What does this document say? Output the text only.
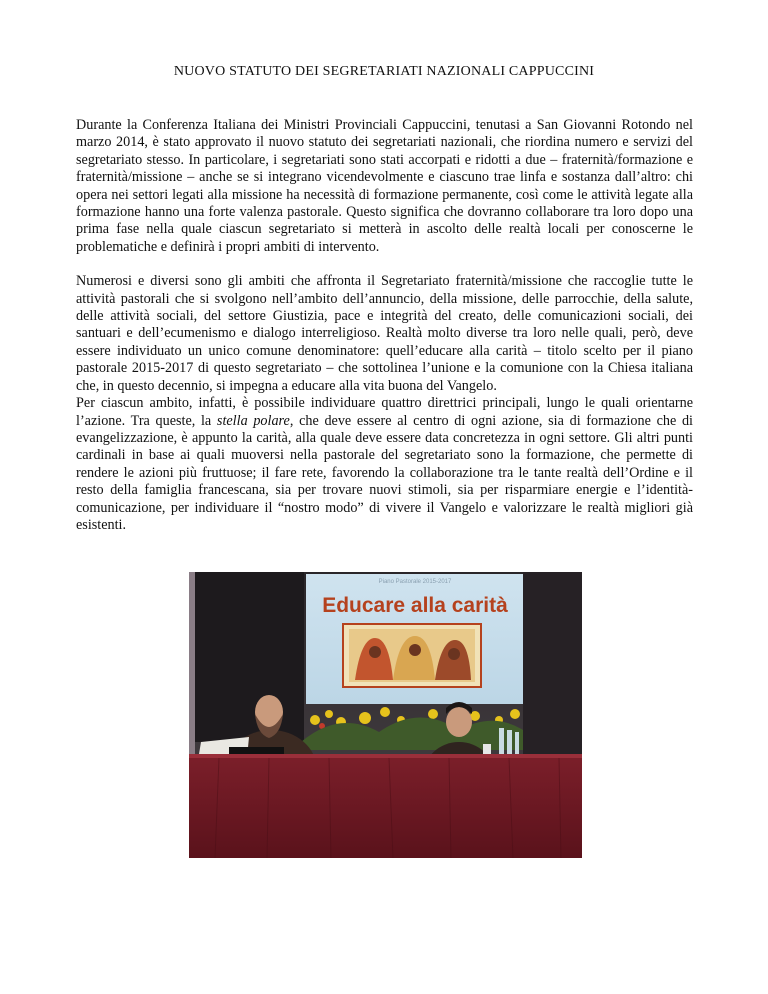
NUOVO STATUTO DEI SEGRETARIATI NAZIONALI CAPPUCCINI

Durante la Conferenza Italiana dei Ministri Provinciali Cappuccini, tenutasi a San Giovanni Rotondo nel marzo 2014, è stato approvato il nuovo statuto dei segretariati nazionali, che riordina numero e servizi del segretariato stesso. In particolare, i segretariati sono stati accorpati e ridotti a due – fraternità/formazione e fraternità/missione – anche se si integrano vicendevolmente e ciascuno trae linfa e sostanza dall’altro: chi opera nei settori legati alla missione ha necessità di formazione permanente, così come le attività legate alla formazione hanno una forte valenza pastorale. Questo significa che dovranno collaborare tra loro dopo una prima fase nella quale ciascun segretariato si metterà in ascolto delle realtà locali per conoscerne le problematiche e definirà i propri ambiti di intervento.

Numerosi e diversi sono gli ambiti che affronta il Segretariato fraternità/missione che raccoglie tutte le attività pastorali che si svolgono nell’ambito dell’annuncio, della missione, delle parrocchie, della salute, delle attività sociali, del settore Giustizia, pace e integrità del creato, delle comunicazioni sociali, dei santuari e dell’ecumenismo e dialogo interreligioso. Realtà molto diverse tra loro nelle quali, però, deve essere individuato un unico comune denominatore: quell’educare alla carità – titolo scelto per il piano pastorale 2015-2017 di questo segretariato – che sottolinea l’unione e la comunione con la Chiesa italiana che, in questo decennio, si impegna a educare alla vita buona del Vangelo.

Per ciascun ambito, infatti, è possibile individuare quattro direttrici principali, lungo le quali orientarne l’azione. Tra queste, la stella polare, che deve essere al centro di ogni azione, sia di formazione che di evangelizzazione, è appunto la carità, alla quale deve essere data concretezza in ogni settore. Gli altri punti cardinali in base ai quali muoversi nella pastorale del segretariato sono la formazione, che permette di rendere le azioni più fruttuose; il fare rete, favorendo la collaborazione tra le tante realtà dell’Ordine e il resto della famiglia francescana, sia per trovare nuovi stimoli, sia per risparmiare energie e l’identità-comunicazione, per individuare il “nostro modo” di vivere il Vangelo e valorizzare le realtà migliori già esistenti.

Piano Pastorale 2015-2017
Educare alla carità
